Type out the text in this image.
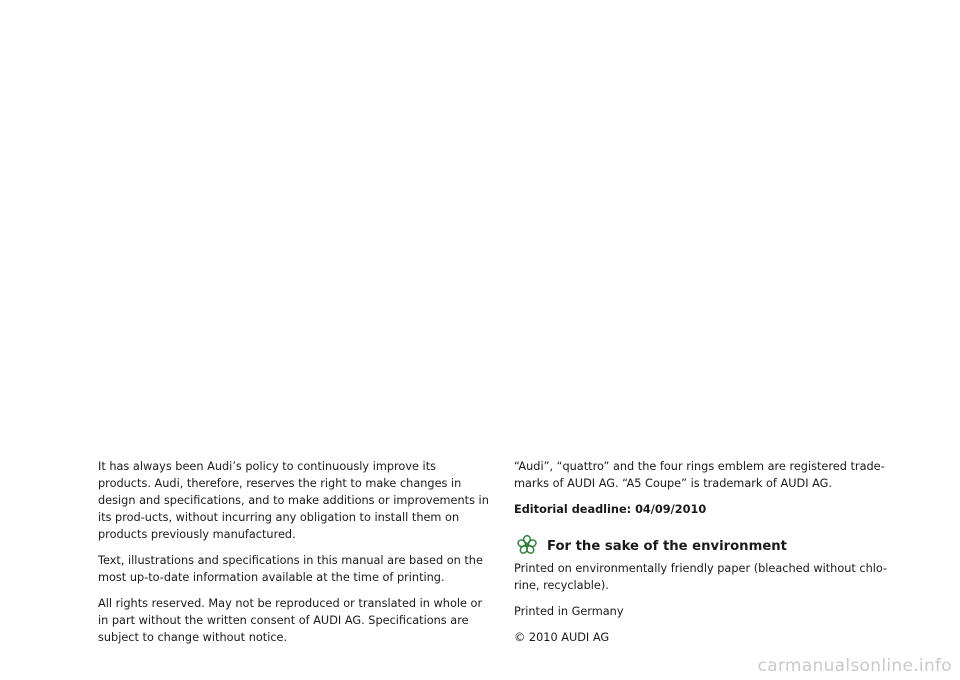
It has always been Audi’s policy to continuously improve its products. Audi, therefore, reserves the right to make changes in design and specifications, and to make additions or improvements in its prod-ucts, without incurring any obligation to install them on products previously manufactured.

Text, illustrations and specifications in this manual are based on the most up-to-date information available at the time of printing.

All rights reserved. May not be reproduced or translated in whole or in part without the written consent of AUDI AG. Specifications are subject to change without notice.

“Audi”, “quattro” and the four rings emblem are registered trade-marks of AUDI AG. “A5 Coupe” is trademark of AUDI AG.

Editorial deadline: 04/09/2010

For the sake of the environment

Printed on environmentally friendly paper (bleached without chlo-rine, recyclable).

Printed in Germany

© 2010 AUDI AG

carmanualsonline.info
